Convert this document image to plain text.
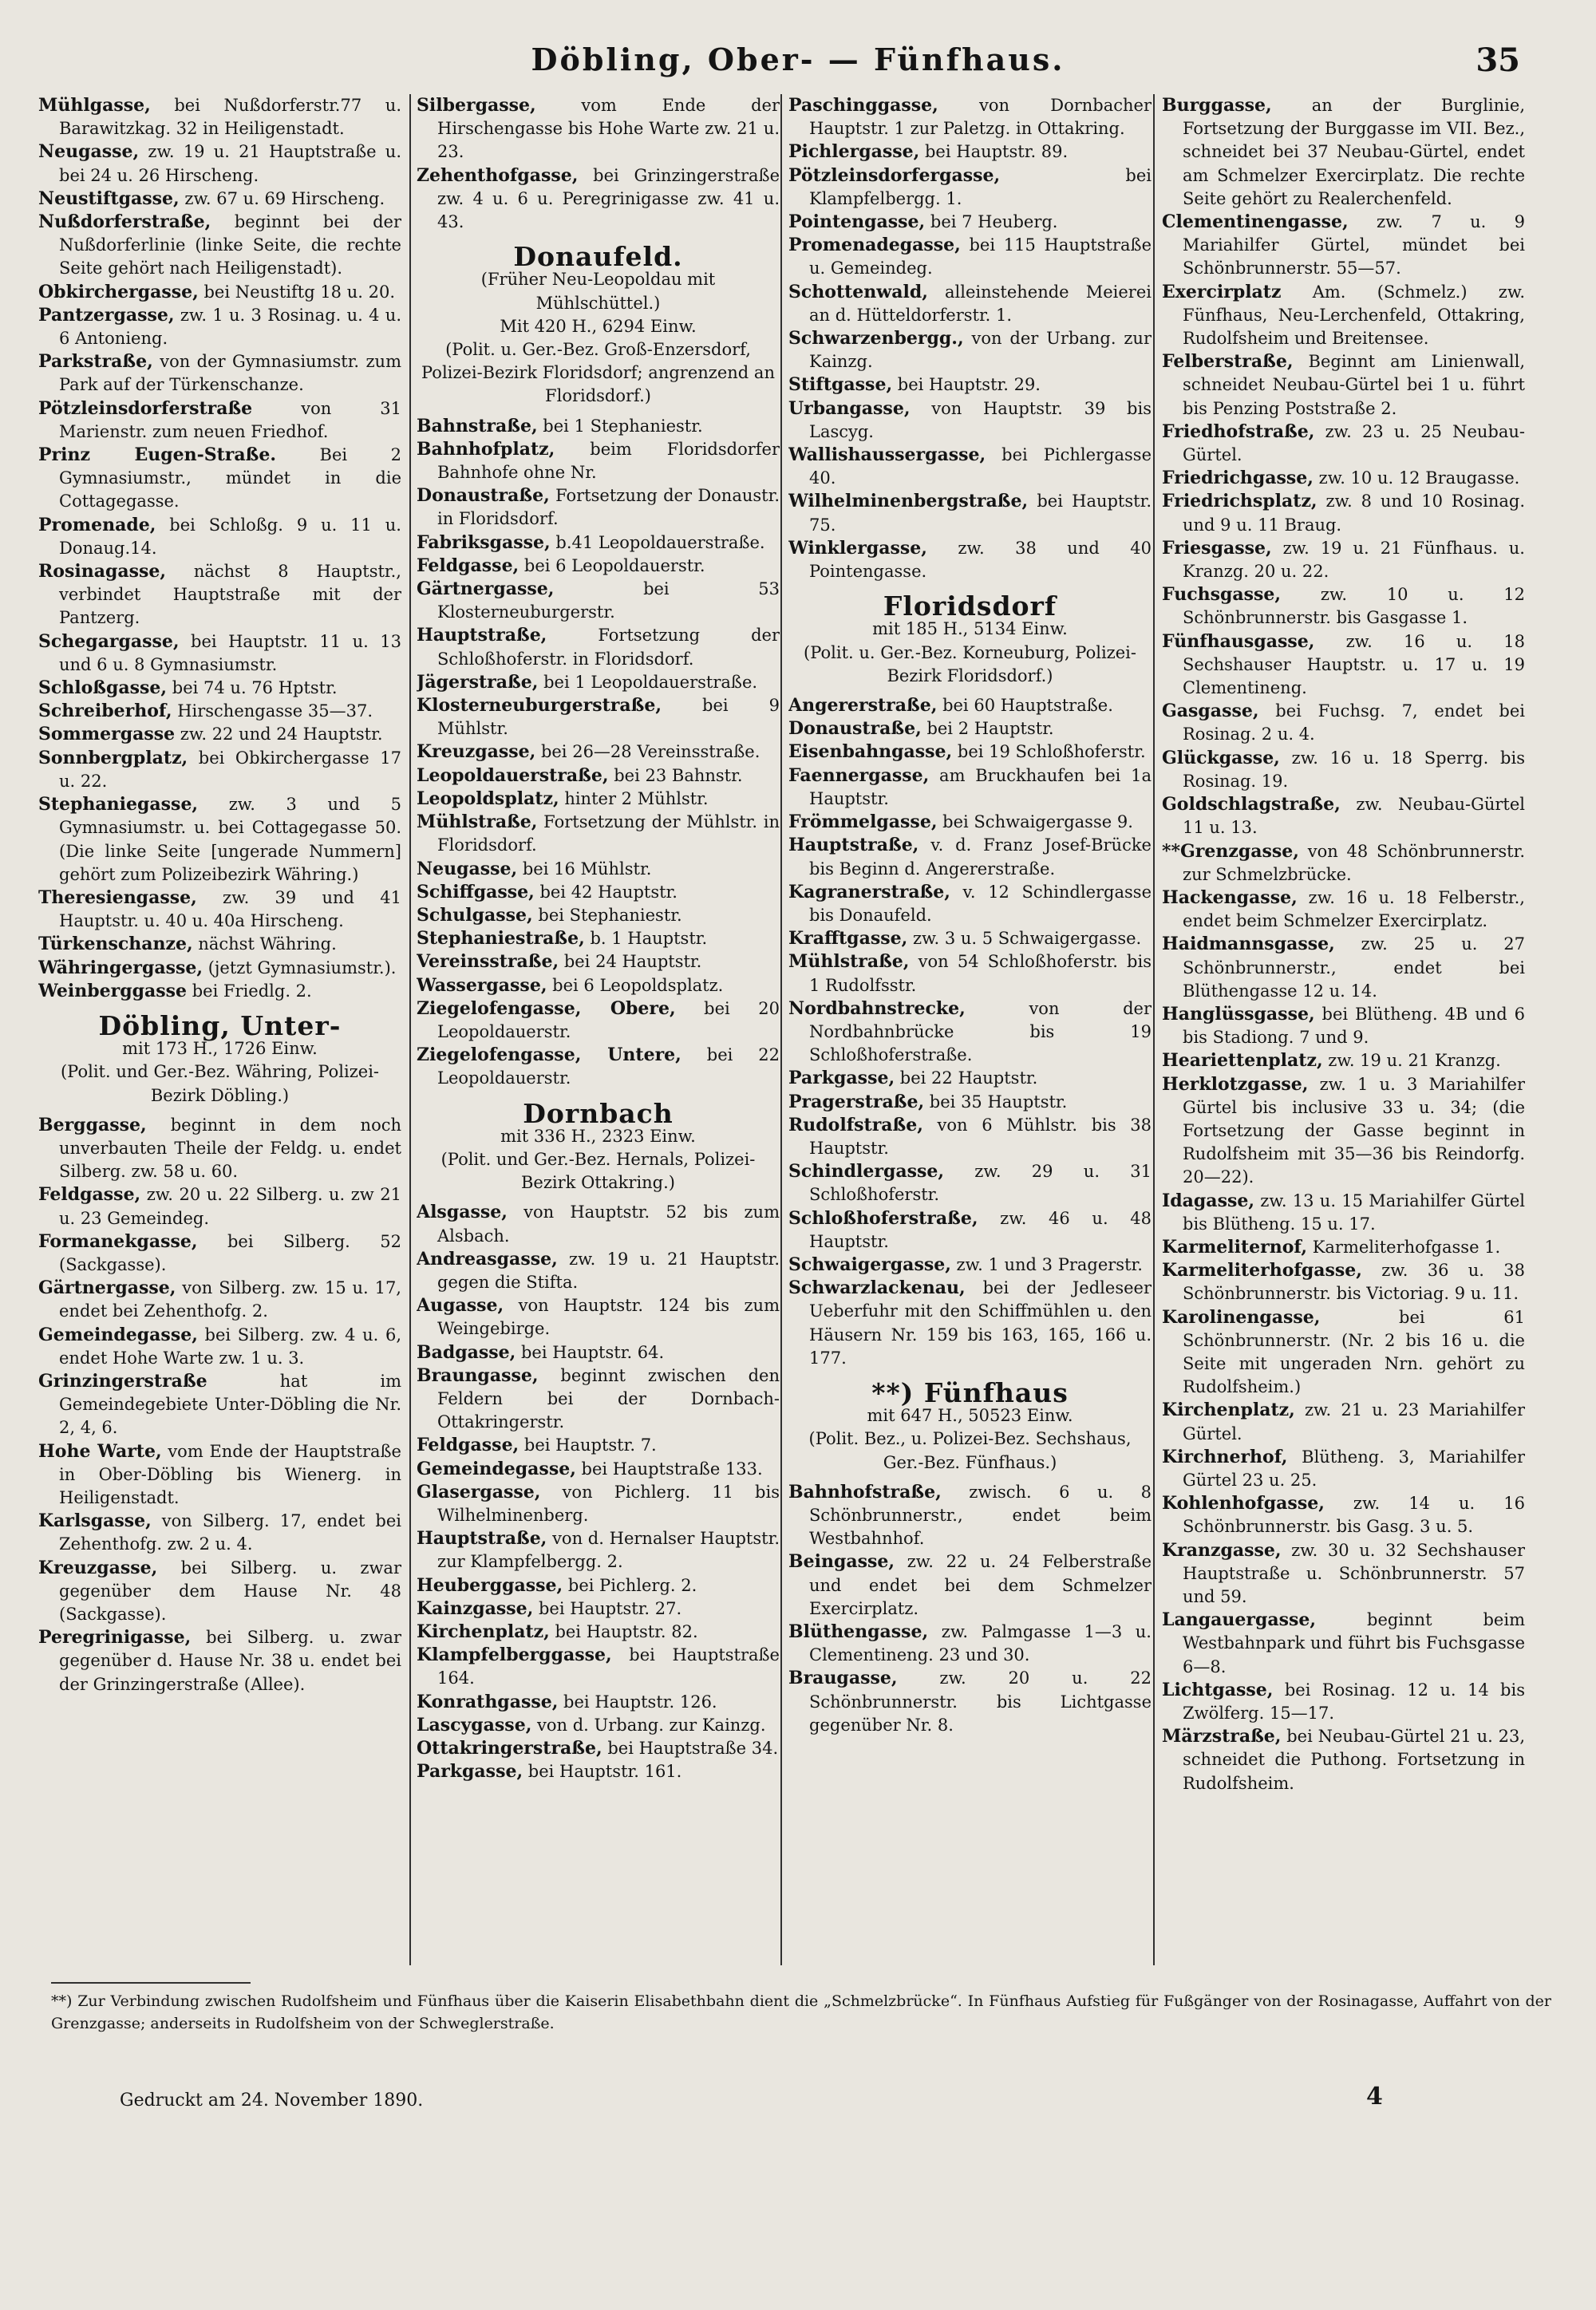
Döbling, Ober- — Fünfhaus.	35

Mühlgasse, bei Nußdorferstr.77 u. Barawitzkag. 32 in Heiligenstadt.

Neugasse, zw. 19 u. 21 Hauptstraße u. bei 24 u. 26 Hirscheng.

Neustiftgasse, zw. 67 u. 69 Hirscheng.

Nußdorferstraße, beginnt bei der Nußdorferlinie (linke Seite, die rechte Seite gehört nach Heiligenstadt).

Obkirchergasse, bei Neustiftg 18 u. 20.

Pantzergasse, zw. 1 u. 3 Rosinag. u. 4 u. 6 Antonieng.

Parkstraße, von der Gymnasiumstr. zum Park auf der Türkenschanze.

Pötzleinsdorferstraße von 31 Marienstr. zum neuen Friedhof.

Prinz Eugen-Straße. Bei 2 Gymnasiumstr., mündet in die Cottagegasse.

Promenade, bei Schloßg. 9 u. 11 u. Donaug.14.

Rosinagasse, nächst 8 Hauptstr., verbindet Hauptstraße mit der Pantzerg.

Schegargasse, bei Hauptstr. 11 u. 13 und 6 u. 8 Gymnasiumstr.

Schloßgasse, bei 74 u. 76 Hptstr.

Schreiberhof, Hirschengasse 35—37.

Sommergasse zw. 22 und 24 Hauptstr.

Sonnbergplatz, bei Obkirchergasse 17 u. 22.

Stephaniegasse, zw. 3 und 5 Gymnasiumstr. u. bei Cottagegasse 50. (Die linke Seite [ungerade Nummern] gehört zum Polizeibezirk Währing.)

Theresiengasse, zw. 39 und 41 Hauptstr. u. 40 u. 40a Hirscheng.

Türkenschanze, nächst Währing.

Währingergasse, (jetzt Gymnasiumstr.).

Weinberggasse bei Friedlg. 2.

Döbling, Unter-
mit 173 H., 1726 Einw.
(Polit. und Ger.-Bez. Währing, Polizei-Bezirk Döbling.)

Berggasse, beginnt in dem noch unverbauten Theile der Feldg. u. endet Silberg. zw. 58 u. 60.

Feldgasse, zw. 20 u. 22 Silberg. u. zw 21 u. 23 Gemeindeg.

Formanekgasse, bei Silberg. 52 (Sackgasse).

Gärtnergasse, von Silberg. zw. 15 u. 17, endet bei Zehenthofg. 2.

Gemeindegasse, bei Silberg. zw. 4 u. 6, endet Hohe Warte zw. 1 u. 3.

Grinzingerstraße hat im Gemeindegebiete Unter-Döbling die Nr. 2, 4, 6.

Hohe Warte, vom Ende der Hauptstraße in Ober-Döbling bis Wienerg. in Heiligenstadt.

Karlsgasse, von Silberg. 17, endet bei Zehenthofg. zw. 2 u. 4.

Kreuzgasse, bei Silberg. u. zwar gegenüber dem Hause Nr. 48 (Sackgasse).

Peregrinigasse, bei Silberg. u. zwar gegenüber d. Hause Nr. 38 u. endet bei der Grinzingerstraße (Allee).

Silbergasse, vom Ende der Hirschengasse bis Hohe Warte zw. 21 u. 23.

Zehenthofgasse, bei Grinzingerstraße zw. 4 u. 6 u. Peregrinigasse zw. 41 u. 43.

Donaufeld.
(Früher Neu-Leopoldau mit Mühlschüttel.)
Mit 420 H., 6294 Einw.
(Polit. u. Ger.-Bez. Groß-Enzersdorf, Polizei-Bezirk Floridsdorf; angrenzend an Floridsdorf.)

Bahnstraße, bei 1 Stephaniestr.

Bahnhofplatz, beim Floridsdorfer Bahnhofe ohne Nr.

Donaustraße, Fortsetzung der Donaustr. in Floridsdorf.

Fabriksgasse, b.41 Leopoldauerstraße.

Feldgasse, bei 6 Leopoldauerstr.

Gärtnergasse, bei 53 Klosterneuburgerstr.

Hauptstraße, Fortsetzung der Schloßhoferstr. in Floridsdorf.

Jägerstraße, bei 1 Leopoldauerstraße.

Klosterneuburgerstraße, bei 9 Mühlstr.

Kreuzgasse, bei 26—28 Vereinsstraße.

Leopoldauerstraße, bei 23 Bahnstr.

Leopoldsplatz, hinter 2 Mühlstr.

Mühlstraße, Fortsetzung der Mühlstr. in Floridsdorf.

Neugasse, bei 16 Mühlstr.

Schiffgasse, bei 42 Hauptstr.

Schulgasse, bei Stephaniestr.

Stephaniestraße, b. 1 Hauptstr.

Vereinsstraße, bei 24 Hauptstr.

Wassergasse, bei 6 Leopoldsplatz.

Ziegelofengasse, Obere, bei 20 Leopoldauerstr.

Ziegelofengasse, Untere, bei 22 Leopoldauerstr.

Dornbach
mit 336 H., 2323 Einw.
(Polit. und Ger.-Bez. Hernals, Polizei-Bezirk Ottakring.)

Alsgasse, von Hauptstr. 52 bis zum Alsbach.

Andreasgasse, zw. 19 u. 21 Hauptstr. gegen die Stifta.

Augasse, von Hauptstr. 124 bis zum Weingebirge.

Badgasse, bei Hauptstr. 64.

Braungasse, beginnt zwischen den Feldern bei der Dornbach-Ottakringerstr.

Feldgasse, bei Hauptstr. 7.

Gemeindegasse, bei Hauptstraße 133.

Glasergasse, von Pichlerg. 11 bis Wilhelminenberg.

Hauptstraße, von d. Hernalser Hauptstr. zur Klampfelbergg. 2.

Heuberggasse, bei Pichlerg. 2.

Kainzgasse, bei Hauptstr. 27.

Kirchenplatz, bei Hauptstr. 82.

Klampfelberggasse, bei Hauptstraße 164.

Konrathgasse, bei Hauptstr. 126.

Lascygasse, von d. Urbang. zur Kainzg.

Ottakringerstraße, bei Hauptstraße 34.

Parkgasse, bei Hauptstr. 161.

Paschinggasse, von Dornbacher Hauptstr. 1 zur Paletzg. in Ottakring.

Pichlergasse, bei Hauptstr. 89.

Pötzleinsdorfergasse, bei Klampfelbergg. 1.

Pointengasse, bei 7 Heuberg.

Promenadegasse, bei 115 Hauptstraße u. Gemeindeg.

Schottenwald, alleinstehende Meierei an d. Hütteldorferstr. 1.

Schwarzenbergg., von der Urbang. zur Kainzg.

Stiftgasse, bei Hauptstr. 29.

Urbangasse, von Hauptstr. 39 bis Lascyg.

Wallishaussergasse, bei Pichlergasse 40.

Wilhelminenbergstraße, bei Hauptstr. 75.

Winklergasse, zw. 38 und 40 Pointengasse.

Floridsdorf
mit 185 H., 5134 Einw.
(Polit. u. Ger.-Bez. Korneuburg, Polizei-Bezirk Floridsdorf.)

Angererstraße, bei 60 Hauptstraße.

Donaustraße, bei 2 Hauptstr.

Eisenbahngasse, bei 19 Schloßhoferstr.

Faennergasse, am Bruckhaufen bei 1a Hauptstr.

Frömmelgasse, bei Schwaigergasse 9.

Hauptstraße, v. d. Franz Josef-Brücke bis Beginn d. Angererstraße.

Kagranerstraße, v. 12 Schindlergasse bis Donaufeld.

Krafftgasse, zw. 3 u. 5 Schwaigergasse.

Mühlstraße, von 54 Schloßhoferstr. bis 1 Rudolfsstr.

Nordbahnstrecke, von der Nordbahnbrücke bis 19 Schloßhoferstraße.

Parkgasse, bei 22 Hauptstr.

Pragerstraße, bei 35 Hauptstr.

Rudolfstraße, von 6 Mühlstr. bis 38 Hauptstr.

Schindlergasse, zw. 29 u. 31 Schloßhoferstr.

Schloßhoferstraße, zw. 46 u. 48 Hauptstr.

Schwaigergasse, zw. 1 und 3 Pragerstr.

Schwarzlackenau, bei der Jedleseer Ueberfuhr mit den Schiffmühlen u. den Häusern Nr. 159 bis 163, 165, 166 u. 177.

**) Fünfhaus
mit 647 H., 50523 Einw.
(Polit. Bez., u. Polizei-Bez. Sechshaus, Ger.-Bez. Fünfhaus.)

Bahnhofstraße, zwisch. 6 u. 8 Schönbrunnerstr., endet beim Westbahnhof.

Beingasse, zw. 22 u. 24 Felberstraße und endet bei dem Schmelzer Exercirplatz.

Blüthengasse, zw. Palmgasse 1—3 u. Clementineng. 23 und 30.

Braugasse, zw. 20 u. 22 Schönbrunnerstr. bis Lichtgasse gegenüber Nr. 8.

Burggasse, an der Burglinie, Fortsetzung der Burggasse im VII. Bez., schneidet bei 37 Neubau-Gürtel, endet am Schmelzer Exercirplatz. Die rechte Seite gehört zu Realerchenfeld.

Clementinengasse, zw. 7 u. 9 Mariahilfer Gürtel, mündet bei Schönbrunnerstr. 55—57.

Exercirplatz Am. (Schmelz.) zw. Fünfhaus, Neu-Lerchenfeld, Ottakring, Rudolfsheim und Breitensee.

Felberstraße, Beginnt am Linienwall, schneidet Neubau-Gürtel bei 1 u. führt bis Penzing Poststraße 2.

Friedhofstraße, zw. 23 u. 25 Neubau-Gürtel.

Friedrichgasse, zw. 10 u. 12 Braugasse.

Friedrichsplatz, zw. 8 und 10 Rosinag. und 9 u. 11 Braug.

Friesgasse, zw. 19 u. 21 Fünfhaus. u. Kranzg. 20 u. 22.

Fuchsgasse, zw. 10 u. 12 Schönbrunnerstr. bis Gasgasse 1.

Fünfhausgasse, zw. 16 u. 18 Sechshauser Hauptstr. u. 17 u. 19 Clementineng.

Gasgasse, bei Fuchsg. 7, endet bei Rosinag. 2 u. 4.

Glückgasse, zw. 16 u. 18 Sperrg. bis Rosinag. 19.

Goldschlagstraße, zw. Neubau-Gürtel 11 u. 13.

**Grenzgasse, von 48 Schönbrunnerstr. zur Schmelzbrücke.

Hackengasse, zw. 16 u. 18 Felberstr., endet beim Schmelzer Exercirplatz.

Haidmannsgasse, zw. 25 u. 27 Schönbrunnerstr., endet bei Blüthengasse 12 u. 14.

Hanglüssgasse, bei Blütheng. 4B und 6 bis Stadiong. 7 und 9.

Heariettenplatz, zw. 19 u. 21 Kranzg.

Herklotzgasse, zw. 1 u. 3 Mariahilfer Gürtel bis inclusive 33 u. 34; (die Fortsetzung der Gasse beginnt in Rudolfsheim mit 35—36 bis Reindorfg. 20—22).

Idagasse, zw. 13 u. 15 Mariahilfer Gürtel bis Blütheng. 15 u. 17.

Karmeliternof, Karmeliterhofgasse 1.

Karmeliterhofgasse, zw. 36 u. 38 Schönbrunnerstr. bis Victoriag. 9 u. 11.

Karolinengasse, bei 61 Schönbrunnerstr. (Nr. 2 bis 16 u. die Seite mit ungeraden Nrn. gehört zu Rudolfsheim.)

Kirchenplatz, zw. 21 u. 23 Mariahilfer Gürtel.

Kirchnerhof, Blütheng. 3, Mariahilfer Gürtel 23 u. 25.

Kohlenhofgasse, zw. 14 u. 16 Schönbrunnerstr. bis Gasg. 3 u. 5.

Kranzgasse, zw. 30 u. 32 Sechshauser Hauptstraße u. Schönbrunnerstr. 57 und 59.

Langauergasse, beginnt beim Westbahnpark und führt bis Fuchsgasse 6—8.

Lichtgasse, bei Rosinag. 12 u. 14 bis Zwölferg. 15—17.

Märzstraße, bei Neubau-Gürtel 21 u. 23, schneidet die Puthong. Fortsetzung in Rudolfsheim.

**) Zur Verbindung zwischen Rudolfsheim und Fünfhaus über die Kaiserin Elisabethbahn dient die „Schmelzbrücke“. In Fünfhaus Aufstieg für Fußgänger von der Rosinagasse, Auffahrt von der Grenzgasse; anderseits in Rudolfsheim von der Schweglerstraße.
Gedruckt am 24. November 1890.	4
